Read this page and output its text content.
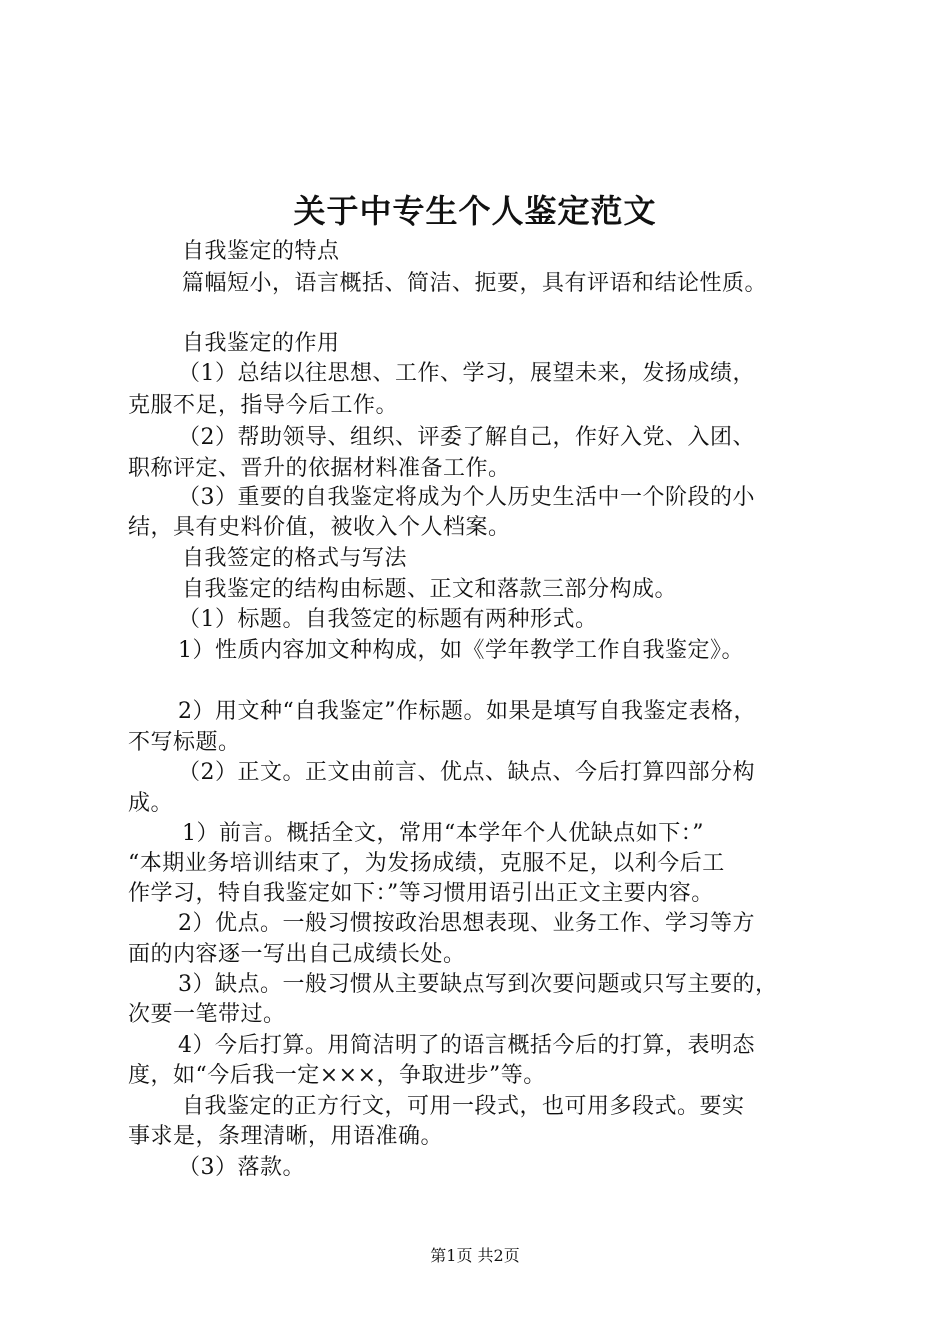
关于中专生个人鉴定范文
自我鉴定的特点
篇幅短小，语言概括、简洁、扼要，具有评语和结论性质。
自我鉴定的作用
（1）总结以往思想、工作、学习，展望未来，发扬成绩，
克服不足，指导今后工作。
（2）帮助领导、组织、评委了解自己，作好入党、入团、
职称评定、晋升的依据材料准备工作。
（3）重要的自我鉴定将成为个人历史生活中一个阶段的小
结，具有史料价值，被收入个人档案。
自我签定的格式与写法
自我鉴定的结构由标题、正文和落款三部分构成。
（1）标题。自我签定的标题有两种形式。
1）性质内容加文种构成，如《学年教学工作自我鉴定》。
2）用文种“自我鉴定”作标题。如果是填写自我鉴定表格，
不写标题。
（2）正文。正文由前言、优点、缺点、今后打算四部分构
成。
1）前言。概括全文，常用“本学年个人优缺点如下：”
“本期业务培训结束了，为发扬成绩，克服不足，以利今后工
作学习，特自我鉴定如下：”等习惯用语引出正文主要内容。
2）优点。一般习惯按政治思想表现、业务工作、学习等方
面的内容逐一写出自己成绩长处。
3）缺点。一般习惯从主要缺点写到次要问题或只写主要的，
次要一笔带过。
4）今后打算。用简洁明了的语言概括今后的打算，表明态
度，如“今后我一定×××，争取进步”等。
自我鉴定的正方行文，可用一段式，也可用多段式。要实
事求是，条理清晰，用语准确。
（3）落款。
第1页 共2页
